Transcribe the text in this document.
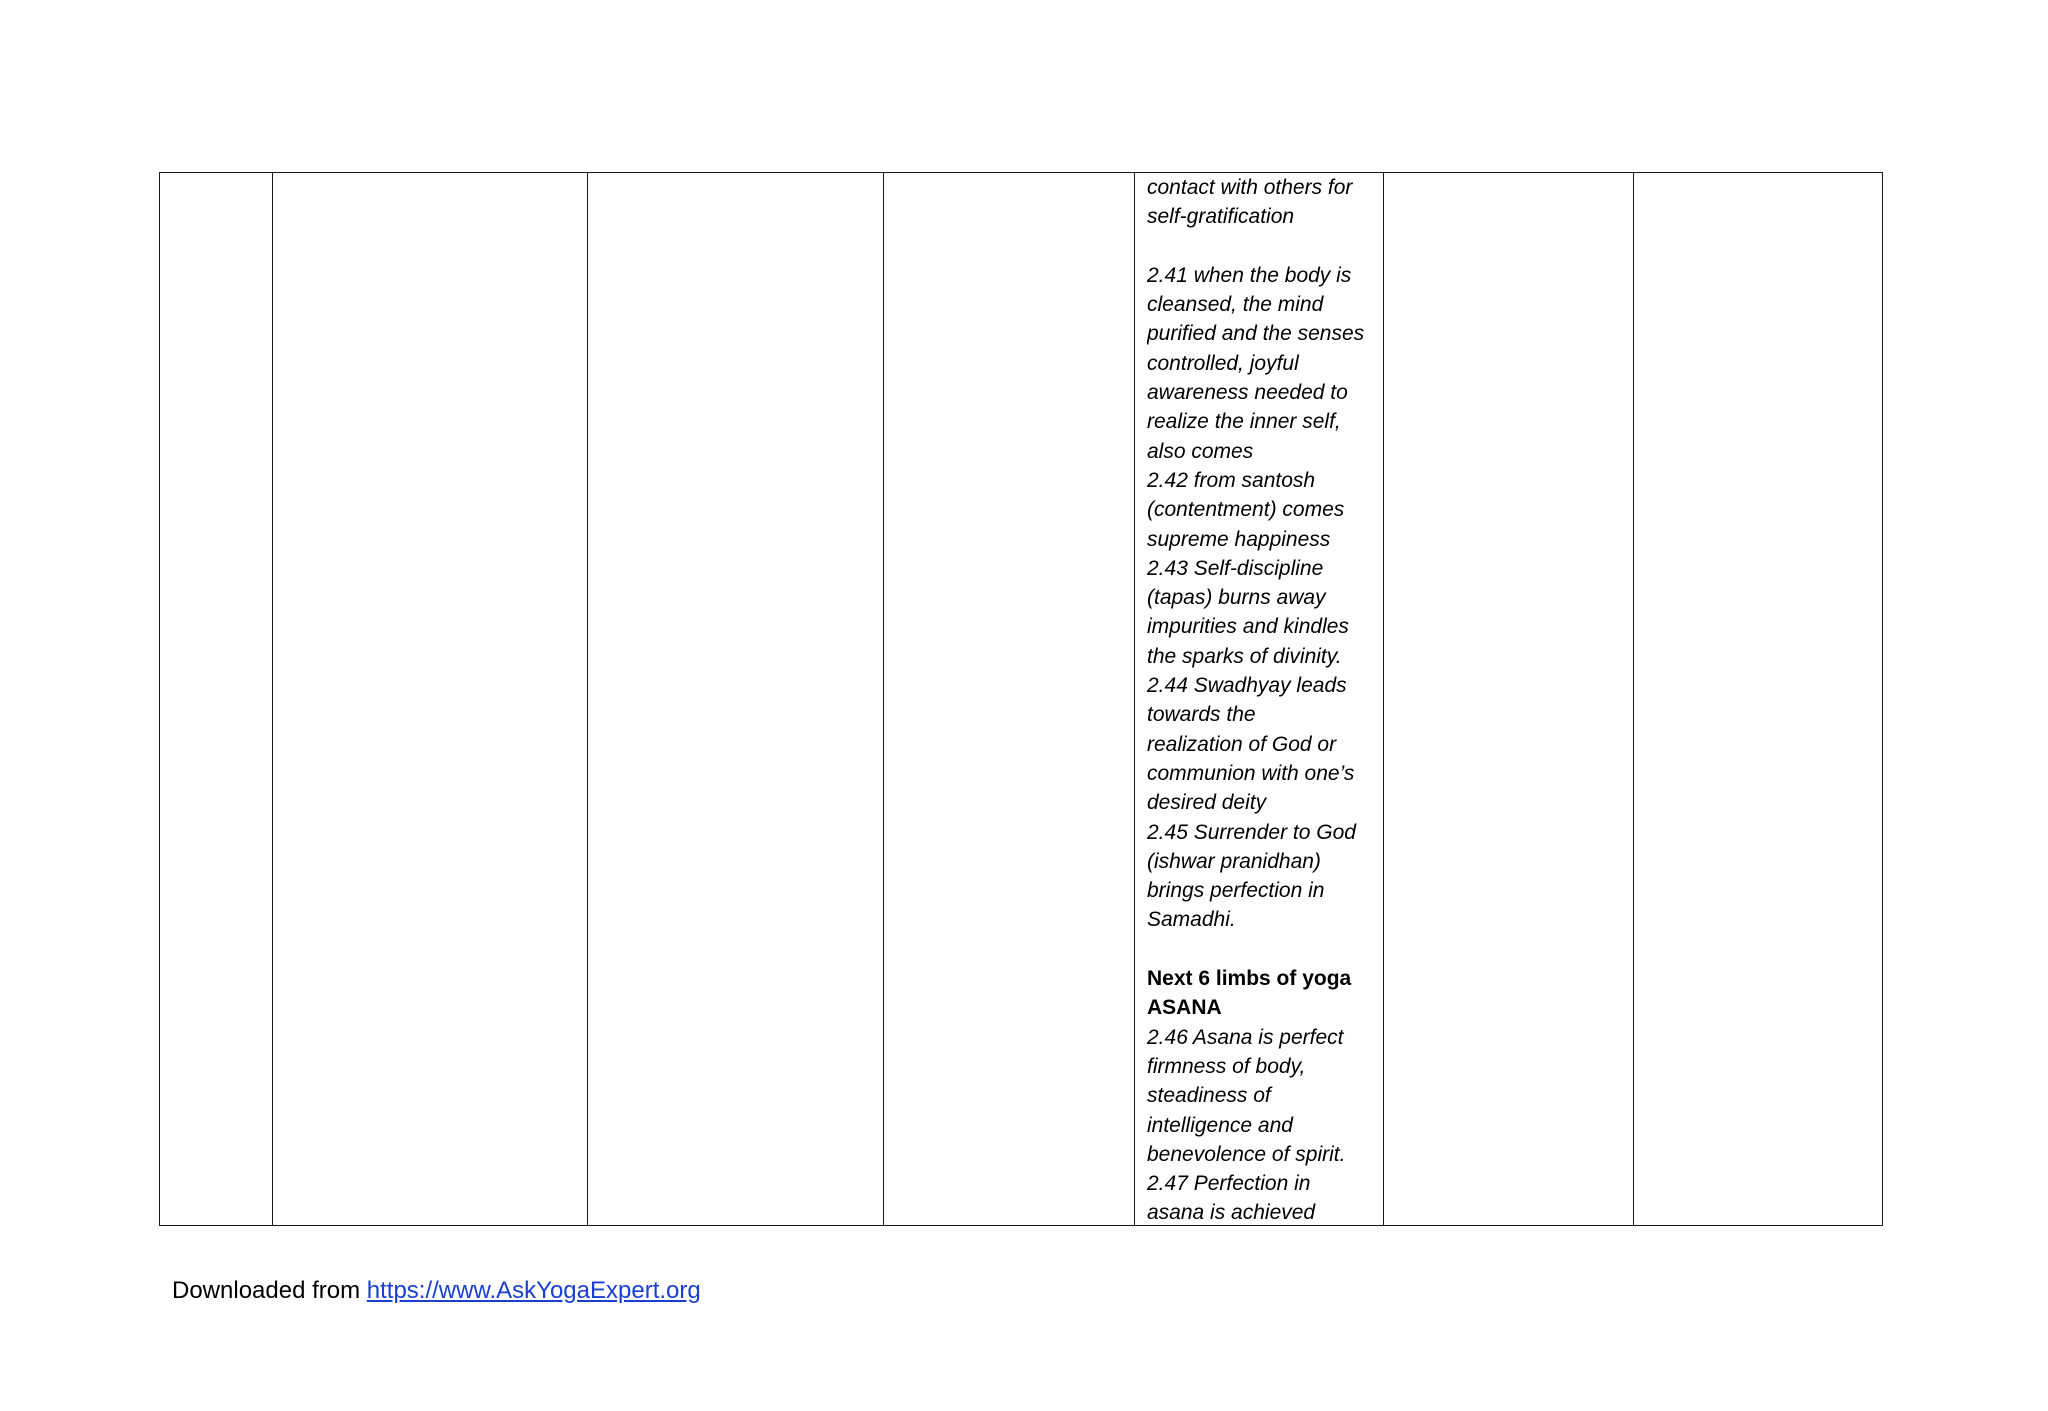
contact with others for
self-gratification
2.41 when the body is
cleansed, the mind
purified and the senses
controlled, joyful
awareness needed to
realize the inner self,
also comes
2.42 from santosh
(contentment) comes
supreme happiness
2.43 Self-discipline
(tapas) burns away
impurities and kindles
the sparks of divinity.
2.44 Swadhyay leads
towards the
realization of God or
communion with one’s
desired deity
2.45 Surrender to God
(ishwar pranidhan)
brings perfection in
Samadhi.
Next 6 limbs of yoga
ASANA
2.46 Asana is perfect
firmness of body,
steadiness of
intelligence and
benevolence of spirit.
2.47 Perfection in
asana is achieved

Downloaded from https://www.AskYogaExpert.org
